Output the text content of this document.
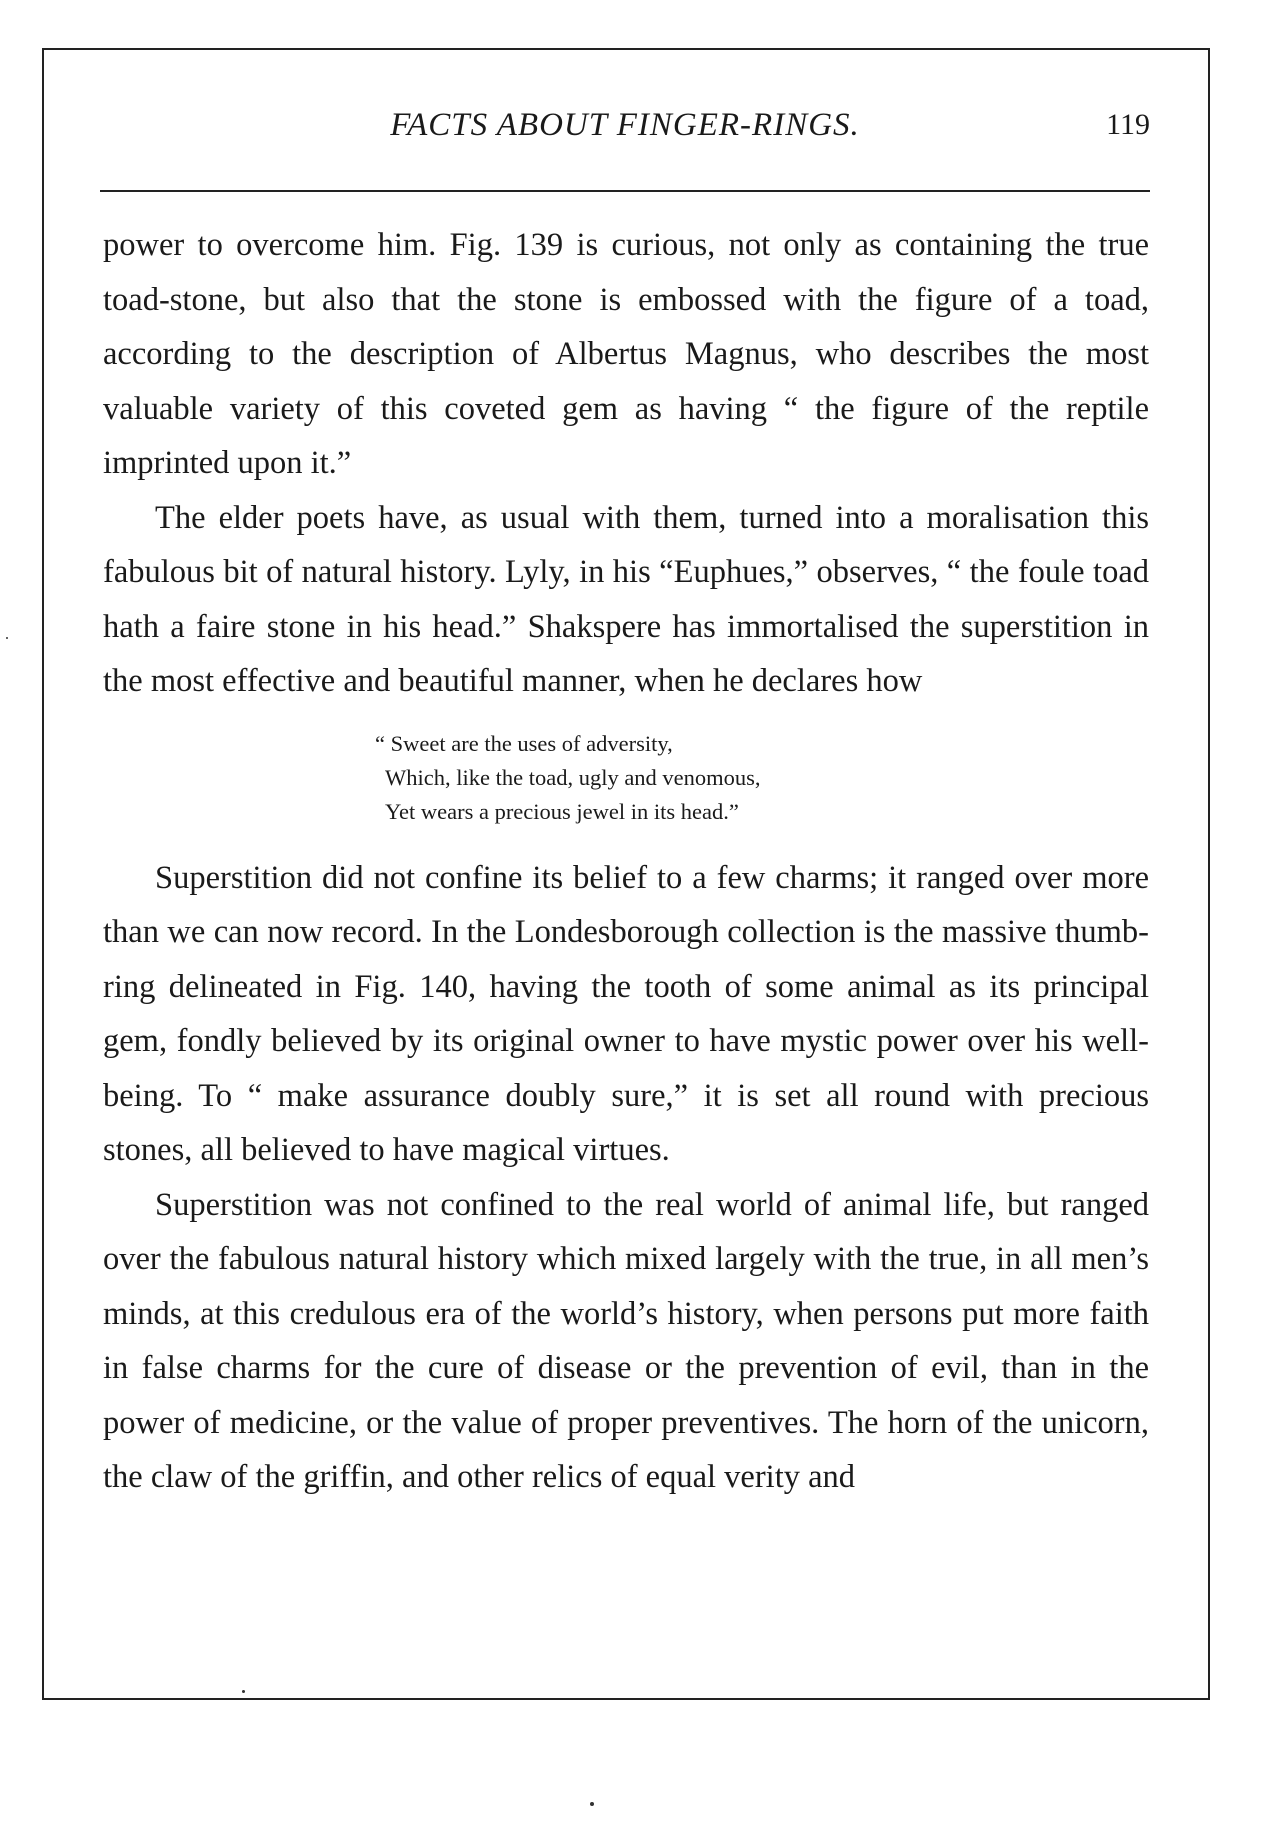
FACTS ABOUT FINGER-RINGS.	119

power to overcome him. Fig. 139 is curious, not only as containing the true toad-stone, but also that the stone is embossed with the figure of a toad, according to the description of Albertus Magnus, who describes the most valuable variety of this coveted gem as having “ the figure of the reptile imprinted upon it.”

The elder poets have, as usual with them, turned into a moralisation this fabulous bit of natural history. Lyly, in his “Euphues,” observes, “ the foule toad hath a faire stone in his head.” Shakspere has immortalised the superstition in the most effective and beautiful manner, when he declares how

“ Sweet are the uses of adversity,
Which, like the toad, ugly and venomous,
Yet wears a precious jewel in its head.”

Superstition did not confine its belief to a few charms; it ranged over more than we can now record. In the Londesborough collection is the massive thumb-ring delineated in Fig. 140, having the tooth of some animal as its principal gem, fondly believed by its original owner to have mystic power over his well-being. To “ make assurance doubly sure,” it is set all round with precious stones, all believed to have magical virtues.

Superstition was not confined to the real world of animal life, but ranged over the fabulous natural history which mixed largely with the true, in all men’s minds, at this credulous era of the world’s history, when persons put more faith in false charms for the cure of disease or the prevention of evil, than in the power of medicine, or the value of proper preventives. The horn of the unicorn, the claw of the griffin, and other relics of equal verity and
